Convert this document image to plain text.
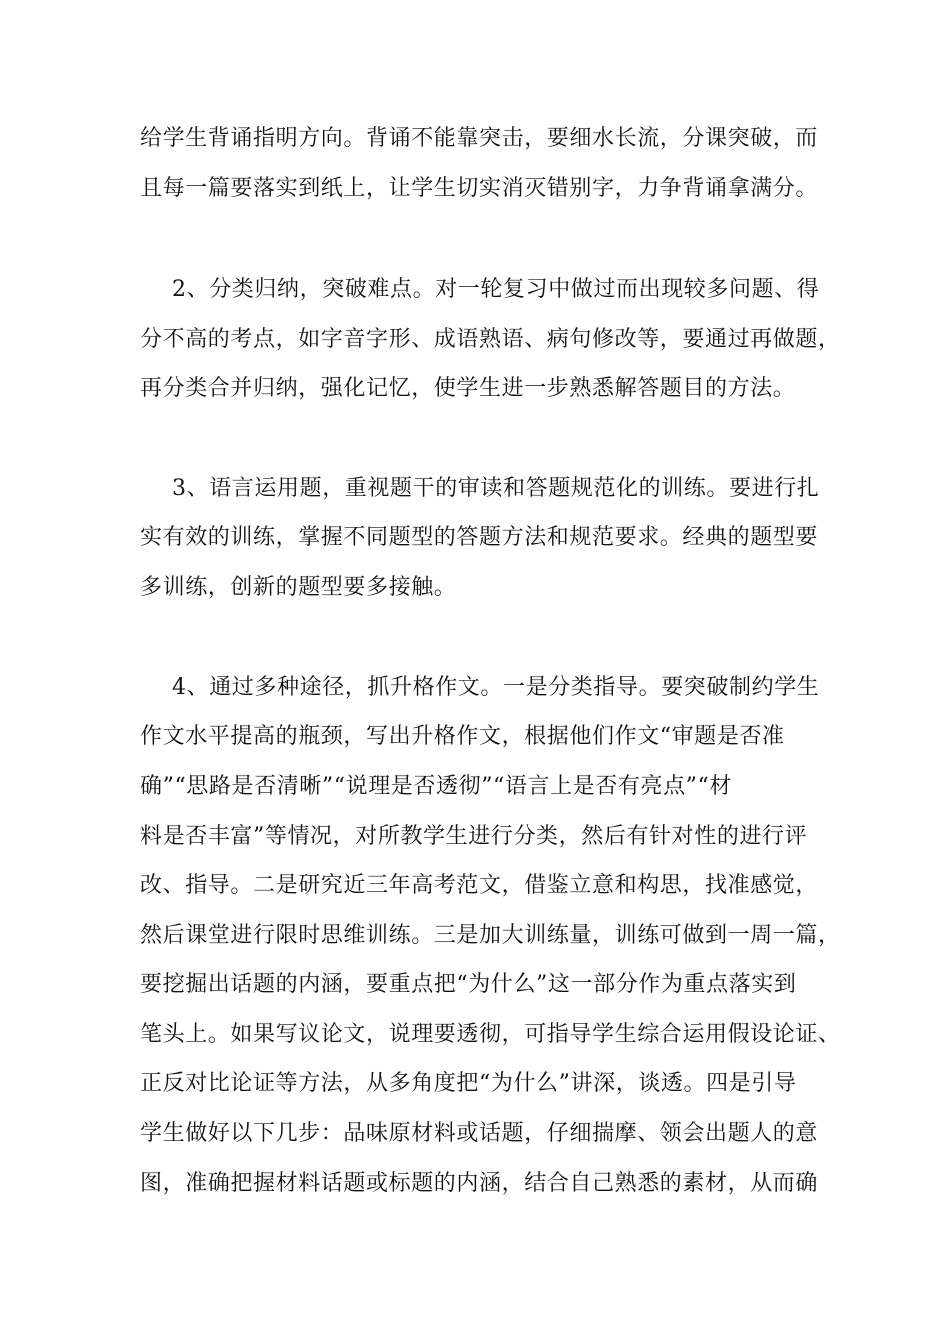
给学生背诵指明方向。背诵不能靠突击，要细水长流，分课突破，而
且每一篇要落实到纸上，让学生切实消灭错别字，力争背诵拿满分。
2、分类归纳，突破难点。对一轮复习中做过而出现较多问题、得
分不高的考点，如字音字形、成语熟语、病句修改等，要通过再做题，
再分类合并归纳，强化记忆，使学生进一步熟悉解答题目的方法。
3、语言运用题，重视题干的审读和答题规范化的训练。要进行扎
实有效的训练，掌握不同题型的答题方法和规范要求。经典的题型要
多训练，创新的题型要多接触。
4、通过多种途径，抓升格作文。一是分类指导。要突破制约学生
作文水平提高的瓶颈，写出升格作文，根据他们作文“审题是否准
确”“思路是否清晰”“说理是否透彻”“语言上是否有亮点”“材
料是否丰富”等情况，对所教学生进行分类，然后有针对性的进行评
改、指导。二是研究近三年高考范文，借鉴立意和构思，找准感觉，
然后课堂进行限时思维训练。三是加大训练量，训练可做到一周一篇，
要挖掘出话题的内涵，要重点把“为什么”这一部分作为重点落实到
笔头上。如果写议论文，说理要透彻，可指导学生综合运用假设论证、
正反对比论证等方法，从多角度把“为什么”讲深，谈透。四是引导
学生做好以下几步：品味原材料或话题，仔细揣摩、领会出题人的意
图，准确把握材料话题或标题的内涵，结合自己熟悉的素材，从而确
